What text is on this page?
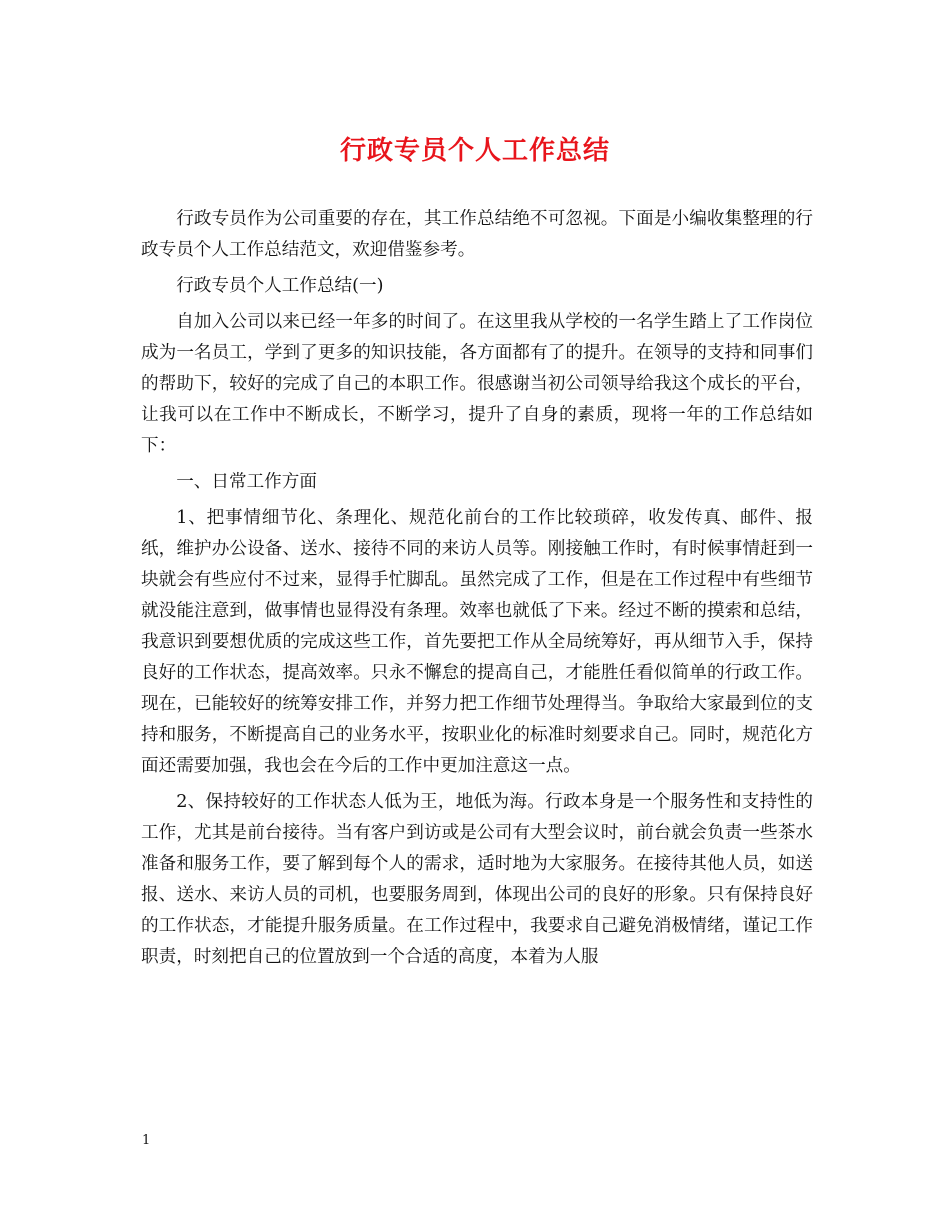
行政专员个人工作总结

行政专员作为公司重要的存在，其工作总结绝不可忽视。下面是小编收集整理的行政专员个人工作总结范文，欢迎借鉴参考。

行政专员个人工作总结(一)

自加入公司以来已经一年多的时间了。在这里我从学校的一名学生踏上了工作岗位成为一名员工，学到了更多的知识技能，各方面都有了的提升。在领导的支持和同事们的帮助下，较好的完成了自己的本职工作。很感谢当初公司领导给我这个成长的平台，让我可以在工作中不断成长，不断学习，提升了自身的素质，现将一年的工作总结如下：

一、日常工作方面

1、把事情细节化、条理化、规范化前台的工作比较琐碎，收发传真、邮件、报纸，维护办公设备、送水、接待不同的来访人员等。刚接触工作时，有时候事情赶到一块就会有些应付不过来，显得手忙脚乱。虽然完成了工作，但是在工作过程中有些细节就没能注意到，做事情也显得没有条理。效率也就低了下来。经过不断的摸索和总结，我意识到要想优质的完成这些工作，首先要把工作从全局统筹好，再从细节入手，保持良好的工作状态，提高效率。只永不懈怠的提高自己，才能胜任看似简单的行政工作。现在，已能较好的统筹安排工作，并努力把工作细节处理得当。争取给大家最到位的支持和服务，不断提高自己的业务水平，按职业化的标准时刻要求自己。同时，规范化方面还需要加强，我也会在今后的工作中更加注意这一点。

2、保持较好的工作状态人低为王，地低为海。行政本身是一个服务性和支持性的工作，尤其是前台接待。当有客户到访或是公司有大型会议时，前台就会负责一些茶水准备和服务工作，要了解到每个人的需求，适时地为大家服务。在接待其他人员，如送报、送水、来访人员的司机，也要服务周到，体现出公司的良好的形象。只有保持良好的工作状态，才能提升服务质量。在工作过程中，我要求自己避免消极情绪，谨记工作职责，时刻把自己的位置放到一个合适的高度，本着为人服

1
